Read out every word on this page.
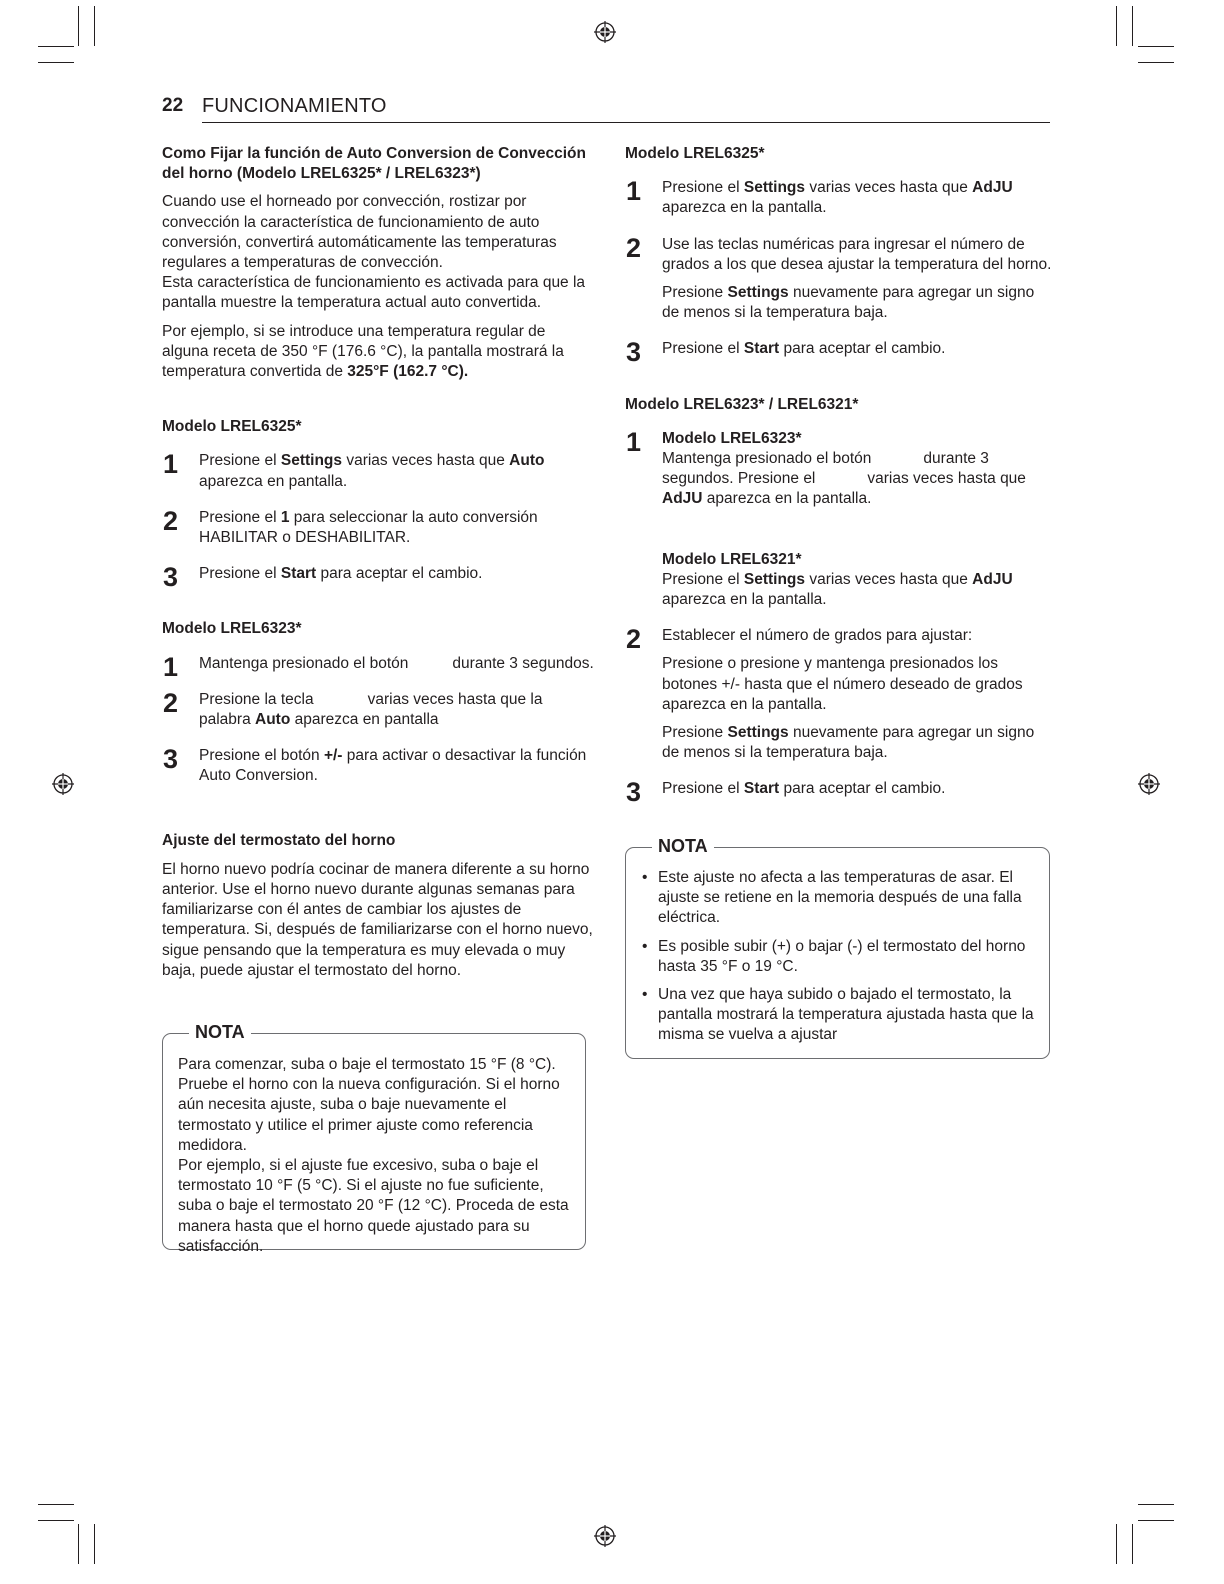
22 FUNCIONAMIENTO

Como Fijar la función de Auto Conversion de Convección
del horno (Modelo LREL6325* / LREL6323*)

Cuando use el horneado por convección, rostizar por convección la característica de funcionamiento de auto conversión, convertirá automáticamente las temperaturas regulares a temperaturas de convección.
Esta característica de funcionamiento es activada para que la pantalla muestre la temperatura actual auto convertida.

Por ejemplo, si se introduce una temperatura regular de alguna receta de 350 °F (176.6 °C), la pantalla mostrará la temperatura convertida de 325°F (162.7 °C).

Modelo LREL6325*

1 Presione el Settings varias veces hasta que Auto aparezca en pantalla.
2 Presione el 1 para seleccionar la auto conversión HABILITAR o DESHABILITAR.
3 Presione el Start para aceptar el cambio.

Modelo LREL6323*

1 Mantenga presionado el botón	durante 3 segundos.
2 Presione la tecla	varias veces hasta que la palabra Auto aparezca en pantalla
3 Presione el botón +/- para activar o desactivar la función Auto Conversion.

Ajuste del termostato del horno

El horno nuevo podría cocinar de manera diferente a su horno anterior. Use el horno nuevo durante algunas semanas para familiarizarse con él antes de cambiar los ajustes de temperatura. Si, después de familiarizarse con el horno nuevo, sigue pensando que la temperatura es muy elevada o muy baja, puede ajustar el termostato del horno.

NOTA

Para comenzar, suba o baje el termostato 15 °F (8 °C). Pruebe el horno con la nueva configuración. Si el horno aún necesita ajuste, suba o baje nuevamente el termostato y utilice el primer ajuste como referencia medidora.

Por ejemplo, si el ajuste fue excesivo, suba o baje el termostato 10 °F (5 °C). Si el ajuste no fue suficiente, suba o baje el termostato 20 °F (12 °C). Proceda de esta manera hasta que el horno quede ajustado para su satisfacción.

Modelo LREL6325*

1 Presione el Settings varias veces hasta que AdJU aparezca en la pantalla.
2 Use las teclas numéricas para ingresar el número de grados a los que desea ajustar la temperatura del horno.

Presione Settings nuevamente para agregar un signo de menos si la temperatura baja.

3 Presione el Start para aceptar el cambio.

Modelo LREL6323* / LREL6321*

1 Modelo LREL6323*

Mantenga presionado el botón	durante 3 segundos. Presione el	varias veces hasta que AdJU aparezca en la pantalla.

Modelo LREL6321*

Presione el Settings varias veces hasta que AdJU aparezca en la pantalla.

2 Establecer el número de grados para ajustar:

Presione o presione y mantenga presionados los botones +/- hasta que el número deseado de grados aparezca en la pantalla.

Presione Settings nuevamente para agregar un signo de menos si la temperatura baja.

3 Presione el Start para aceptar el cambio.
NOTA
• Este ajuste no afecta a las temperaturas de asar. El ajuste se retiene en la memoria después de una falla eléctrica.
• Es posible subir (+) o bajar (-) el termostato del horno hasta 35 °F o 19 °C.
• Una vez que haya subido o bajado el termostato, la pantalla mostrará la temperatura ajustada hasta que la misma se vuelva a ajustar
